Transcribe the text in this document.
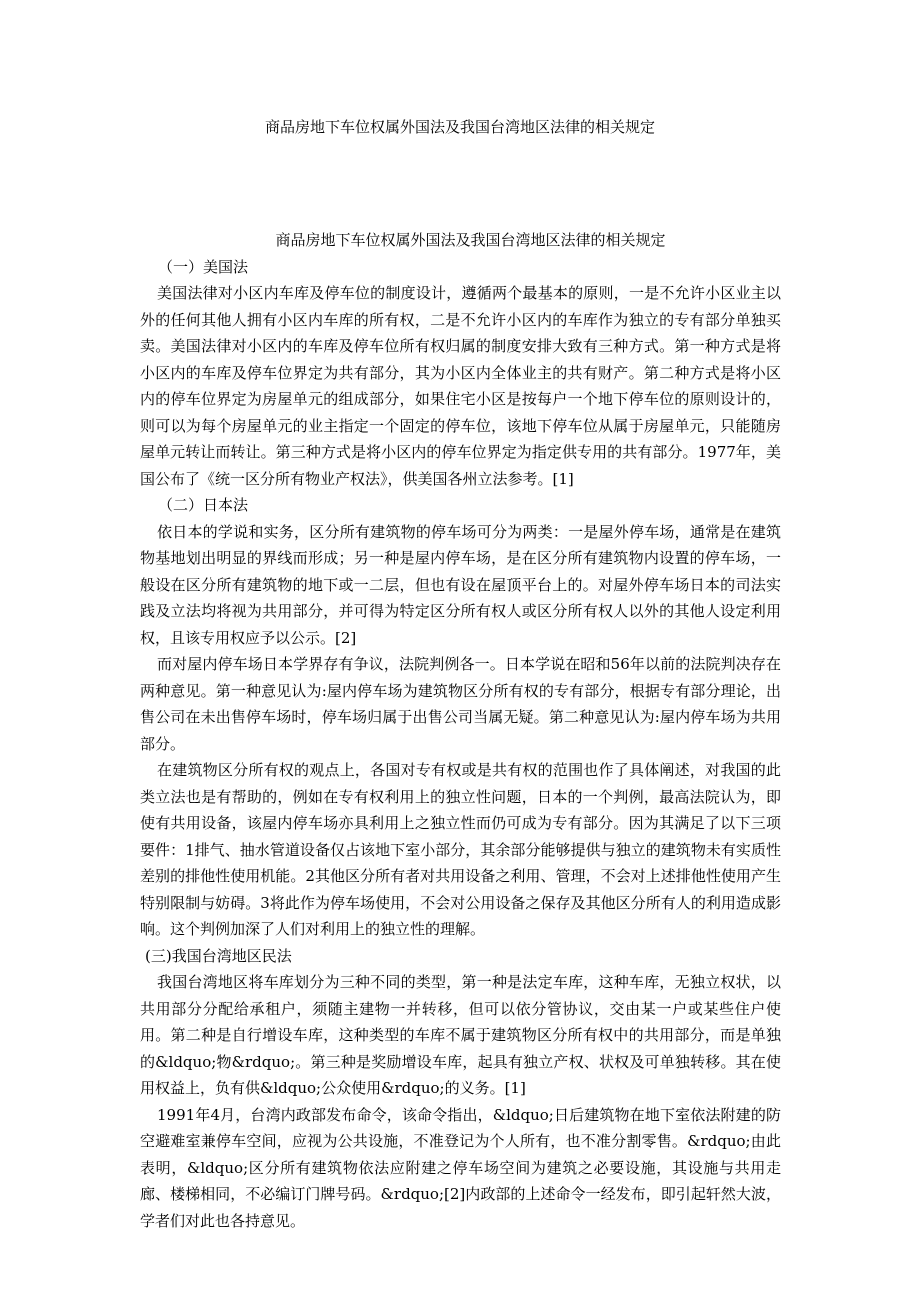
商品房地下车位权属外国法及我国台湾地区法律的相关规定
商品房地下车位权属外国法及我国台湾地区法律的相关规定

（一）美国法

美国法律对小区内车库及停车位的制度设计，遵循两个最基本的原则，一是不允许小区业主以外的任何其他人拥有小区内车库的所有权，二是不允许小区内的车库作为独立的专有部分单独买卖。美国法律对小区内的车库及停车位所有权归属的制度安排大致有三种方式。第一种方式是将小区内的车库及停车位界定为共有部分，其为小区内全体业主的共有财产。第二种方式是将小区内的停车位界定为房屋单元的组成部分，如果住宅小区是按每户一个地下停车位的原则设计的，则可以为每个房屋单元的业主指定一个固定的停车位，该地下停车位从属于房屋单元，只能随房屋单元转让而转让。第三种方式是将小区内的停车位界定为指定供专用的共有部分。1977年，美国公布了《统一区分所有物业产权法》，供美国各州立法参考。[1]

（二）日本法

依日本的学说和实务，区分所有建筑物的停车场可分为两类：一是屋外停车场，通常是在建筑物基地划出明显的界线而形成；另一种是屋内停车场，是在区分所有建筑物内设置的停车场，一般设在区分所有建筑物的地下或一二层，但也有设在屋顶平台上的。对屋外停车场日本的司法实践及立法均将视为共用部分，并可得为特定区分所有权人或区分所有权人以外的其他人设定利用权，且该专用权应予以公示。[2]

而对屋内停车场日本学界存有争议，法院判例各一。日本学说在昭和56年以前的法院判决存在两种意见。第一种意见认为:屋内停车场为建筑物区分所有权的专有部分，根据专有部分理论，出售公司在未出售停车场时，停车场归属于出售公司当属无疑。第二种意见认为:屋内停车场为共用部分。

在建筑物区分所有权的观点上，各国对专有权或是共有权的范围也作了具体阐述，对我国的此类立法也是有帮助的，例如在专有权利用上的独立性问题，日本的一个判例，最高法院认为，即使有共用设备，该屋内停车场亦具利用上之独立性而仍可成为专有部分。因为其满足了以下三项要件：1排气、抽水管道设备仅占该地下室小部分，其余部分能够提供与独立的建筑物未有实质性差别的排他性使用机能。2其他区分所有者对共用设备之利用、管理，不会对上述排他性使用产生特别限制与妨碍。3将此作为停车场使用，不会对公用设备之保存及其他区分所有人的利用造成影响。这个判例加深了人们对利用上的独立性的理解。

(三)我国台湾地区民法

我国台湾地区将车库划分为三种不同的类型，第一种是法定车库，这种车库，无独立权状，以共用部分分配给承租户，须随主建物一并转移，但可以依分管协议，交由某一户或某些住户使用。第二种是自行增设车库，这种类型的车库不属于建筑物区分所有权中的共用部分，而是单独的&ldquo;物&rdquo;。第三种是奖励增设车库，起具有独立产权、状权及可单独转移。其在使用权益上，负有供&ldquo;公众使用&rdquo;的义务。[1]

1991年4月，台湾内政部发布命令，该命令指出，&ldquo;日后建筑物在地下室依法附建的防空避难室兼停车空间，应视为公共设施，不准登记为个人所有，也不准分割零售。&rdquo;由此表明，&ldquo;区分所有建筑物依法应附建之停车场空间为建筑之必要设施，其设施与共用走廊、楼梯相同，不必编订门牌号码。&rdquo;[2]内政部的上述命令一经发布，即引起轩然大波，学者们对此也各持意见。
